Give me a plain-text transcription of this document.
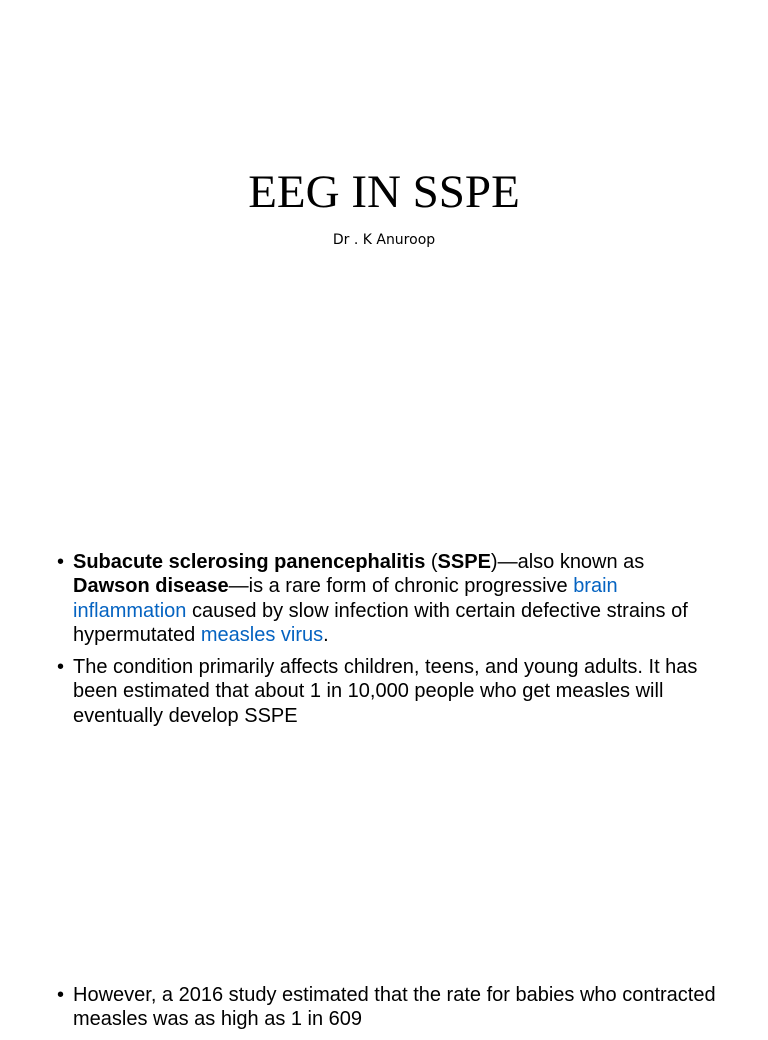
EEG IN SSPE
Dr . K Anuroop
• Subacute sclerosing panencephalitis (SSPE)—also known as Dawson disease—is a rare form of chronic progressive brain inflammation caused by slow infection with certain defective strains of hypermutated measles virus.
• The condition primarily affects children, teens, and young adults. It has been estimated that about 1 in 10,000 people who get measles will eventually develop SSPE
• However, a 2016 study estimated that the rate for babies who contracted measles was as high as 1 in 609
